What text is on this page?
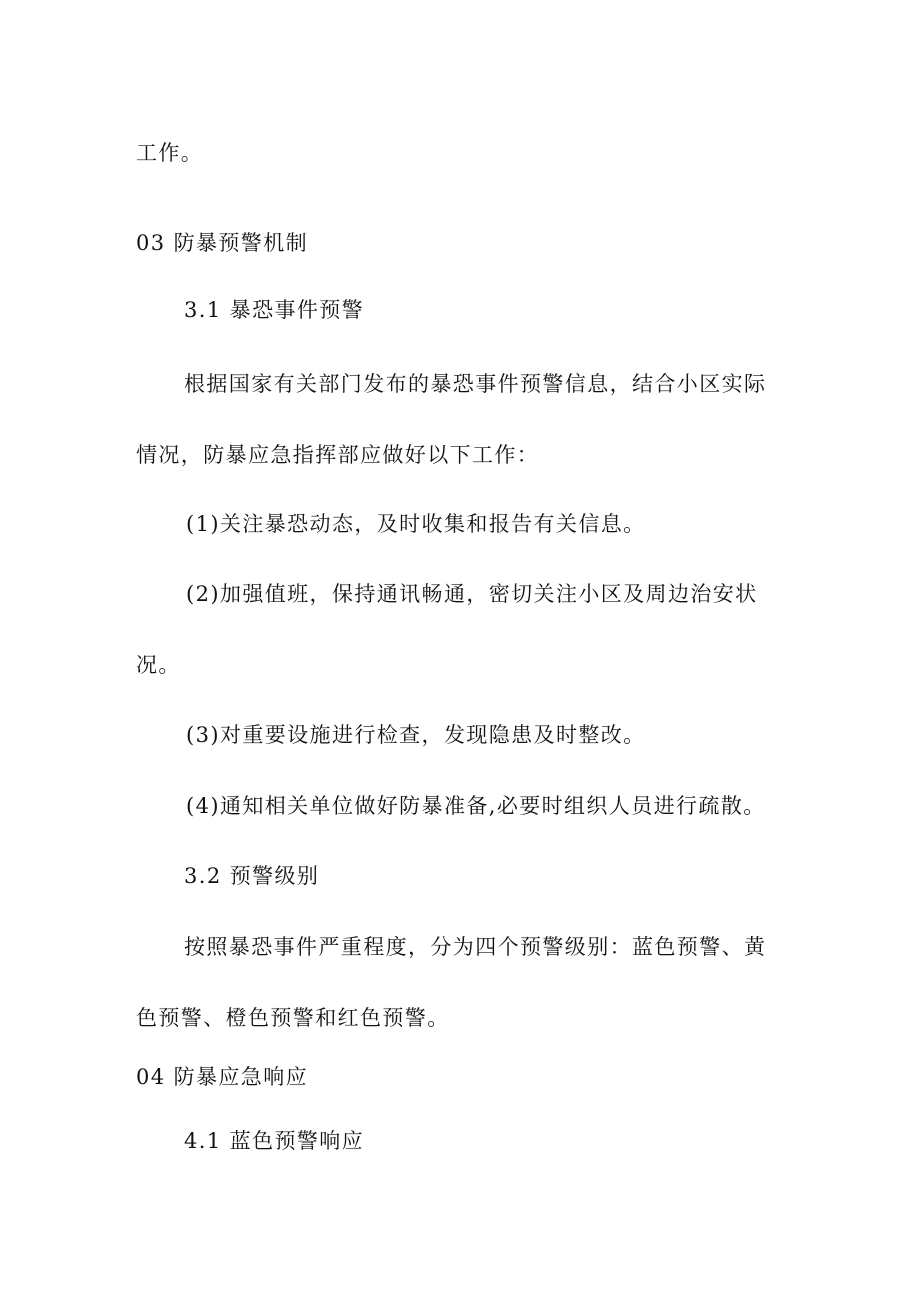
工作。
03 防暴预警机制
3.1 暴恐事件预警
根据国家有关部门发布的暴恐事件预警信息，结合小区实际
情况，防暴应急指挥部应做好以下工作：
(1)关注暴恐动态，及时收集和报告有关信息。
(2)加强值班，保持通讯畅通，密切关注小区及周边治安状
况。
(3)对重要设施进行检查，发现隐患及时整改。
(4)通知相关单位做好防暴准备,必要时组织人员进行疏散。
3.2 预警级别
按照暴恐事件严重程度，分为四个预警级别：蓝色预警、黄
色预警、橙色预警和红色预警。
04 防暴应急响应
4.1 蓝色预警响应
